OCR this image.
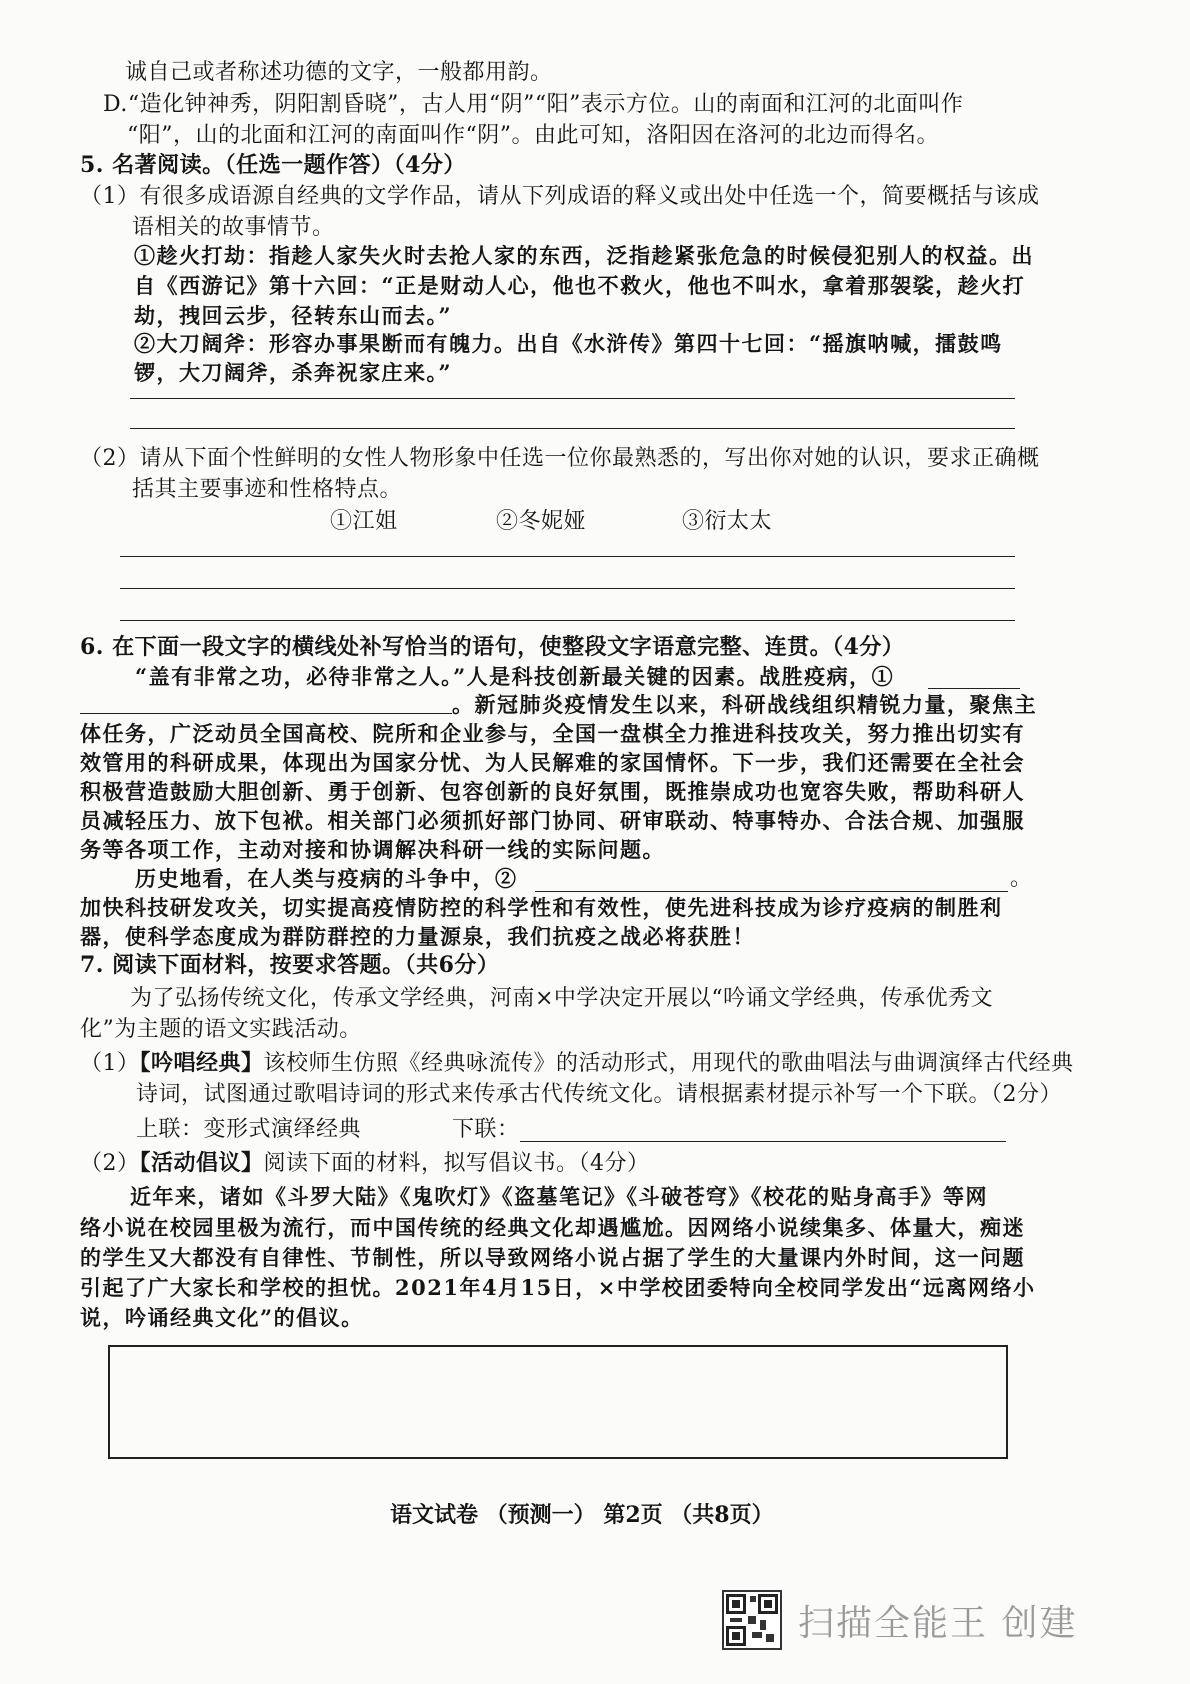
诚自己或者称述功德的文字，一般都用韵。
D.“造化钟神秀，阴阳割昏晓”，古人用“阴”“阳”表示方位。山的南面和江河的北面叫作
“阳”，山的北面和江河的南面叫作“阴”。由此可知，洛阳因在洛河的北边而得名。
5. 名著阅读。（任选一题作答）（4分）
（1）有很多成语源自经典的文学作品，请从下列成语的释义或出处中任选一个，简要概括与该成
语相关的故事情节。
①趁火打劫：指趁人家失火时去抢人家的东西，泛指趁紧张危急的时候侵犯别人的权益。出
自《西游记》第十六回：“正是财动人心，他也不救火，他也不叫水，拿着那袈裟，趁火打
劫，拽回云步，径转东山而去。”
②大刀阔斧：形容办事果断而有魄力。出自《水浒传》第四十七回：“摇旗呐喊，擂鼓鸣
锣，大刀阔斧，杀奔祝家庄来。”
（2）请从下面个性鲜明的女性人物形象中任选一位你最熟悉的，写出你对她的认识，要求正确概
括其主要事迹和性格特点。
①江姐	②冬妮娅	③衍太太
6. 在下面一段文字的横线处补写恰当的语句，使整段文字语意完整、连贯。（4分）
“盖有非常之功，必待非常之人。”人是科技创新最关键的因素。战胜疫病，①
。新冠肺炎疫情发生以来，科研战线组织精锐力量，聚焦主
体任务，广泛动员全国高校、院所和企业参与，全国一盘棋全力推进科技攻关，努力推出切实有
效管用的科研成果，体现出为国家分忧、为人民解难的家国情怀。下一步，我们还需要在全社会
积极营造鼓励大胆创新、勇于创新、包容创新的良好氛围，既推崇成功也宽容失败，帮助科研人
员减轻压力、放下包袱。相关部门必须抓好部门协同、研审联动、特事特办、合法合规、加强服
务等各项工作，主动对接和协调解决科研一线的实际问题。
历史地看，在人类与疫病的斗争中，②	。
加快科技研发攻关，切实提高疫情防控的科学性和有效性，使先进科技成为诊疗疫病的制胜利
器，使科学态度成为群防群控的力量源泉，我们抗疫之战必将获胜！
7. 阅读下面材料，按要求答题。（共6分）
为了弘扬传统文化，传承文学经典，河南×中学决定开展以“吟诵文学经典，传承优秀文
化”为主题的语文实践活动。
（1）【吟唱经典】该校师生仿照《经典咏流传》的活动形式，用现代的歌曲唱法与曲调演绎古代经典
诗词，试图通过歌唱诗词的形式来传承古代传统文化。请根据素材提示补写一个下联。（2分）
上联：变形式演绎经典	下联：
（2）【活动倡议】阅读下面的材料，拟写倡议书。（4分）
近年来，诸如《斗罗大陆》《鬼吹灯》《盗墓笔记》《斗破苍穹》《校花的贴身高手》等网
络小说在校园里极为流行，而中国传统的经典文化却遇尴尬。因网络小说续集多、体量大，痴迷
的学生又大都没有自律性、节制性，所以导致网络小说占据了学生的大量课内外时间，这一问题
引起了广大家长和学校的担忧。2021年4月15日，×中学校团委特向全校同学发出“远离网络小
说，吟诵经典文化”的倡议。
语文试卷 （预测一） 第2页 （共8页）
扫描全能王 创建
